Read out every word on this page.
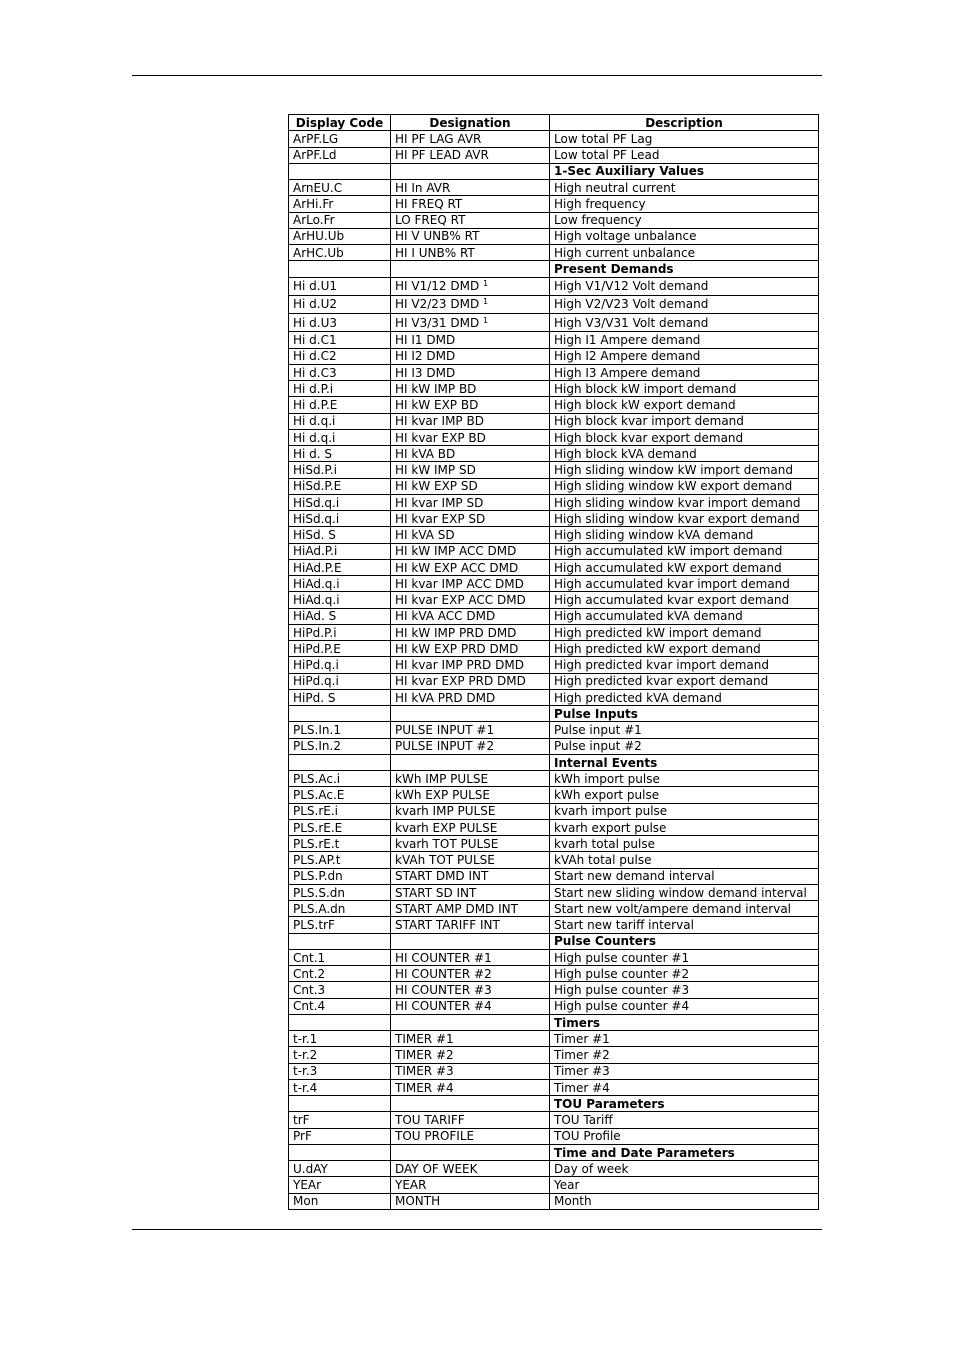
Display Code	Designation	Description
ArPF.LG	HI PF LAG AVR	Low total PF Lag
ArPF.Ld	HI PF LEAD AVR	Low total PF Lead
		1-Sec Auxiliary Values
ArnEU.C	HI In AVR	High neutral current
ArHi.Fr	HI FREQ RT	High frequency
ArLo.Fr	LO FREQ RT	Low frequency
ArHU.Ub	HI V UNB% RT	High voltage unbalance
ArHC.Ub	HI I UNB% RT	High current unbalance
		Present Demands
Hi d.U1	HI V1/12 DMD $^1$	High V1/V12 Volt demand
Hi d.U2	HI V2/23 DMD $^1$	High V2/V23 Volt demand
Hi d.U3	HI V3/31 DMD $^1$	High V3/V31 Volt demand
Hi d.C1	HI I1 DMD	High I1 Ampere demand
Hi d.C2	HI I2 DMD	High I2 Ampere demand
Hi d.C3	HI I3 DMD	High I3 Ampere demand
Hi d.P.i	HI kW IMP BD	High block kW import demand
Hi d.P.E	HI kW EXP BD	High block kW export demand
Hi d.q.i	HI kvar IMP BD	High block kvar import demand
Hi d.q.i	HI kvar EXP BD	High block kvar export demand
Hi d. S	HI kVA BD	High block kVA demand
HiSd.P.i	HI kW IMP SD	High sliding window kW import demand
HiSd.P.E	HI kW EXP SD	High sliding window kW export demand
HiSd.q.i	HI kvar IMP SD	High sliding window kvar import demand
HiSd.q.i	HI kvar EXP SD	High sliding window kvar export demand
HiSd. S	HI kVA SD	High sliding window kVA demand
HiAd.P.i	HI kW IMP ACC DMD	High accumulated kW import demand
HiAd.P.E	HI kW EXP ACC DMD	High accumulated kW export demand
HiAd.q.i	HI kvar IMP ACC DMD	High accumulated kvar import demand
HiAd.q.i	HI kvar EXP ACC DMD	High accumulated kvar export demand
HiAd. S	HI kVA ACC DMD	High accumulated kVA demand
HiPd.P.i	HI kW IMP PRD DMD	High predicted kW import demand
HiPd.P.E	HI kW EXP PRD DMD	High predicted kW export demand
HiPd.q.i	HI kvar IMP PRD DMD	High predicted kvar import demand
HiPd.q.i	HI kvar EXP PRD DMD	High predicted kvar export demand
HiPd. S	HI kVA PRD DMD	High predicted kVA demand
		Pulse Inputs
PLS.In.1	PULSE INPUT #1	Pulse input #1
PLS.In.2	PULSE INPUT #2	Pulse input #2
		Internal Events
PLS.Ac.i	kWh IMP PULSE	kWh import pulse
PLS.Ac.E	kWh EXP PULSE	kWh export pulse
PLS.rE.i	kvarh IMP PULSE	kvarh import pulse
PLS.rE.E	kvarh EXP PULSE	kvarh export pulse
PLS.rE.t	kvarh TOT PULSE	kvarh total pulse
PLS.AP.t	kVAh TOT PULSE	kVAh total pulse
PLS.P.dn	START DMD INT	Start new demand interval
PLS.S.dn	START SD INT	Start new sliding window demand interval
PLS.A.dn	START AMP DMD INT	Start new volt/ampere demand interval
PLS.trF	START TARIFF INT	Start new tariff interval
		Pulse Counters
Cnt.1	HI COUNTER #1	High pulse counter #1
Cnt.2	HI COUNTER #2	High pulse counter #2
Cnt.3	HI COUNTER #3	High pulse counter #3
Cnt.4	HI COUNTER #4	High pulse counter #4
		Timers
t-r.1	TIMER #1	Timer #1
t-r.2	TIMER #2	Timer #2
t-r.3	TIMER #3	Timer #3
t-r.4	TIMER #4	Timer #4
		TOU Parameters
trF	TOU TARIFF	TOU Tariff
PrF	TOU PROFILE	TOU Profile
		Time and Date Parameters
U.dAY	DAY OF WEEK	Day of week
YEAr	YEAR	Year
Mon	MONTH	Month
